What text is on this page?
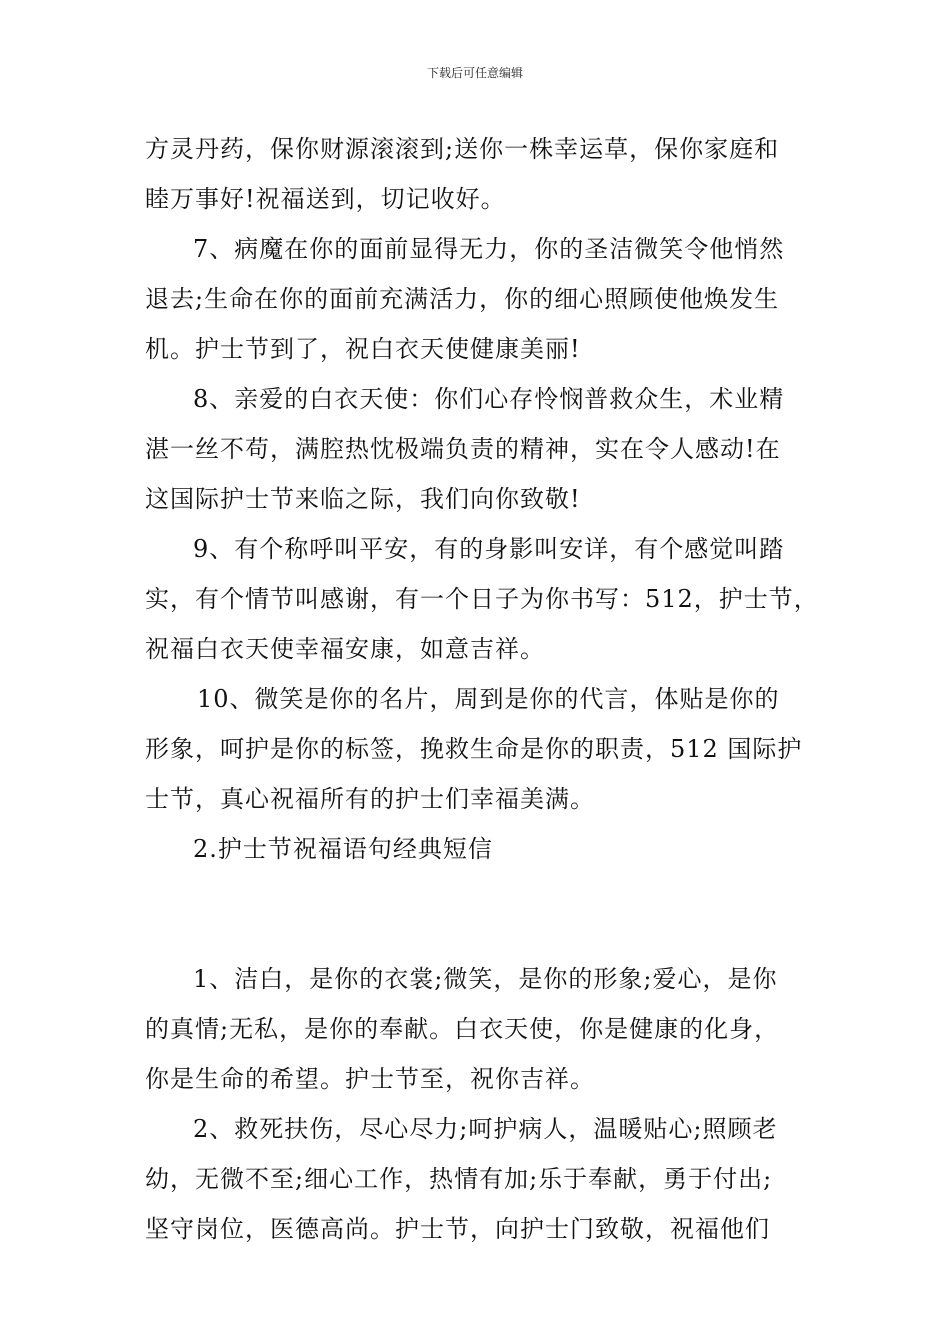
下载后可任意编辑
方灵丹药，保你财源滚滚到;送你一株幸运草，保你家庭和
睦万事好!祝福送到，切记收好。
7、病魔在你的面前显得无力，你的圣洁微笑令他悄然
退去;生命在你的面前充满活力，你的细心照顾使他焕发生
机。护士节到了，祝白衣天使健康美丽!
8、亲爱的白衣天使：你们心存怜悯普救众生，术业精
湛一丝不苟，满腔热忱极端负责的精神，实在令人感动!在
这国际护士节来临之际，我们向你致敬!
9、有个称呼叫平安，有的身影叫安详，有个感觉叫踏
实，有个情节叫感谢，有一个日子为你书写：512，护士节，
祝福白衣天使幸福安康，如意吉祥。
10、微笑是你的名片，周到是你的代言，体贴是你的
形象，呵护是你的标签，挽救生命是你的职责，512 国际护
士节，真心祝福所有的护士们幸福美满。
2.护士节祝福语句经典短信
1、洁白，是你的衣裳;微笑，是你的形象;爱心，是你
的真情;无私，是你的奉献。白衣天使，你是健康的化身，
你是生命的希望。护士节至，祝你吉祥。
2、救死扶伤，尽心尽力;呵护病人，温暖贴心;照顾老
幼，无微不至;细心工作，热情有加;乐于奉献，勇于付出;
坚守岗位，医德高尚。护士节，向护士门致敬，祝福他们
